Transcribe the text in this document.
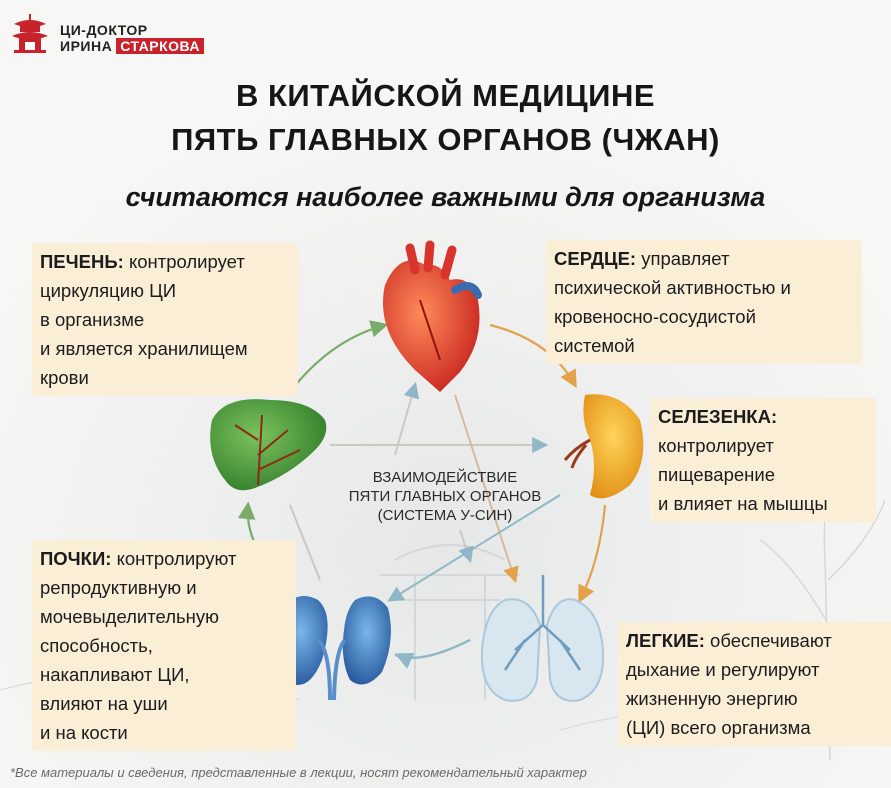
ЦИ-ДОКТОР
ИРИНА СТАРКОВА
В КИТАЙСКОЙ МЕДИЦИНЕ
ПЯТЬ ГЛАВНЫХ ОРГАНОВ (ЧЖАН)
считаются наиболее важными для организма
ВЗАИМОДЕЙСТВИЕ
ПЯТИ ГЛАВНЫХ ОРГАНОВ
(СИСТЕМА У-СИН)
ПЕЧЕНЬ: контролирует
циркуляцию ЦИ
в организме
и является хранилищем
крови
СЕРДЦЕ: управляет
психической активностью и
кровеносно-сосудистой
системой
СЕЛЕЗЕНКА:
контролирует
пищеварение
и влияет на мышцы
ПОЧКИ: контролируют
репродуктивную и
мочевыделительную
способность,
накапливают ЦИ,
влияют на уши
и на кости
ЛЕГКИЕ: обеспечивают
дыхание и регулируют
жизненную энергию
(ЦИ) всего организма
*Все материалы и сведения, представленные в лекции, носят рекомендательный характер
